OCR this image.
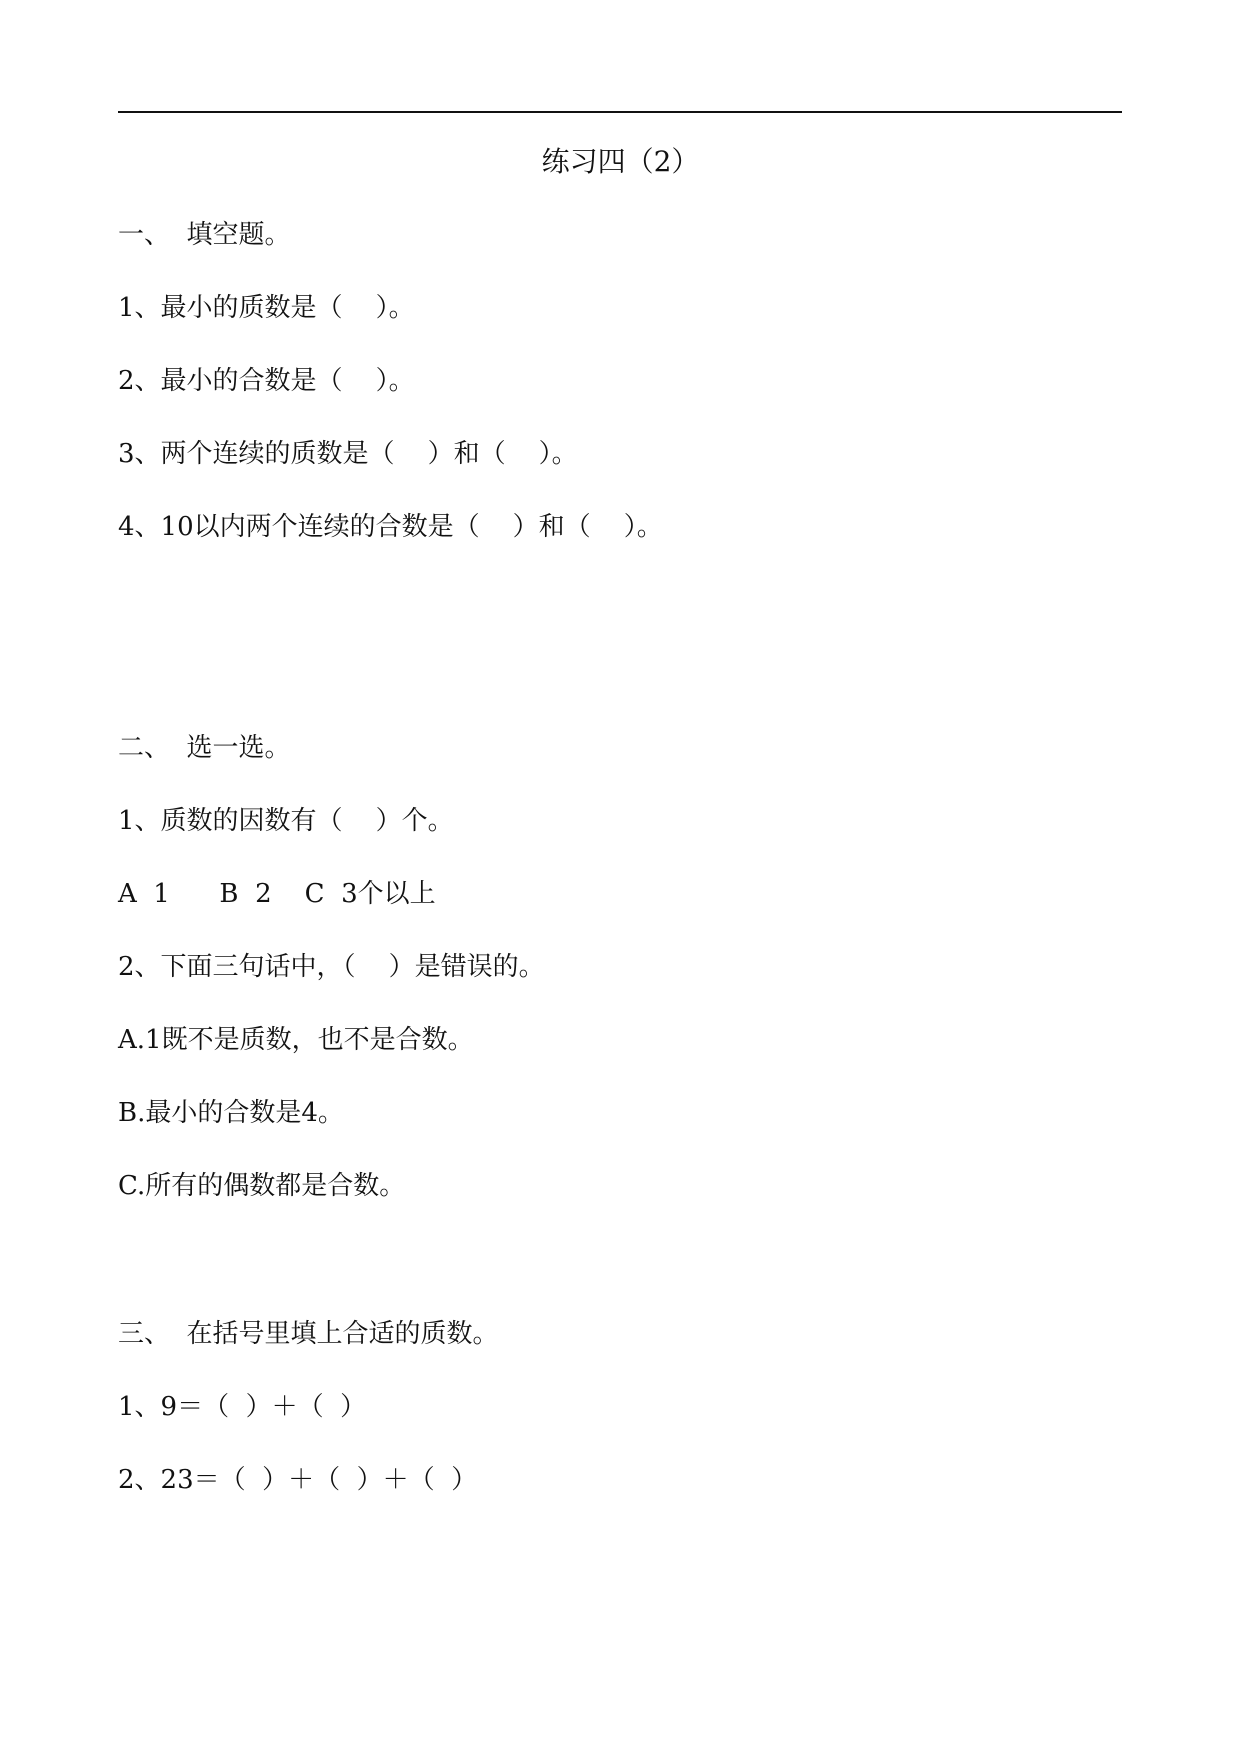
练习四（2）
一、  填空题。
1、最小的质数是（    ）。
2、最小的合数是（    ）。
3、两个连续的质数是（    ）和（    ）。
4、10以内两个连续的合数是（    ）和（    ）。
二、  选一选。
1、质数的因数有（    ）个。
A  1      B  2    C  3个以上
2、下面三句话中，（    ）是错误的。
A.1既不是质数，也不是合数。
B.最小的合数是4。
C.所有的偶数都是合数。
三、  在括号里填上合适的质数。
1、9＝（  ）＋（  ）
2、23＝（  ）＋（  ）＋（  ）
